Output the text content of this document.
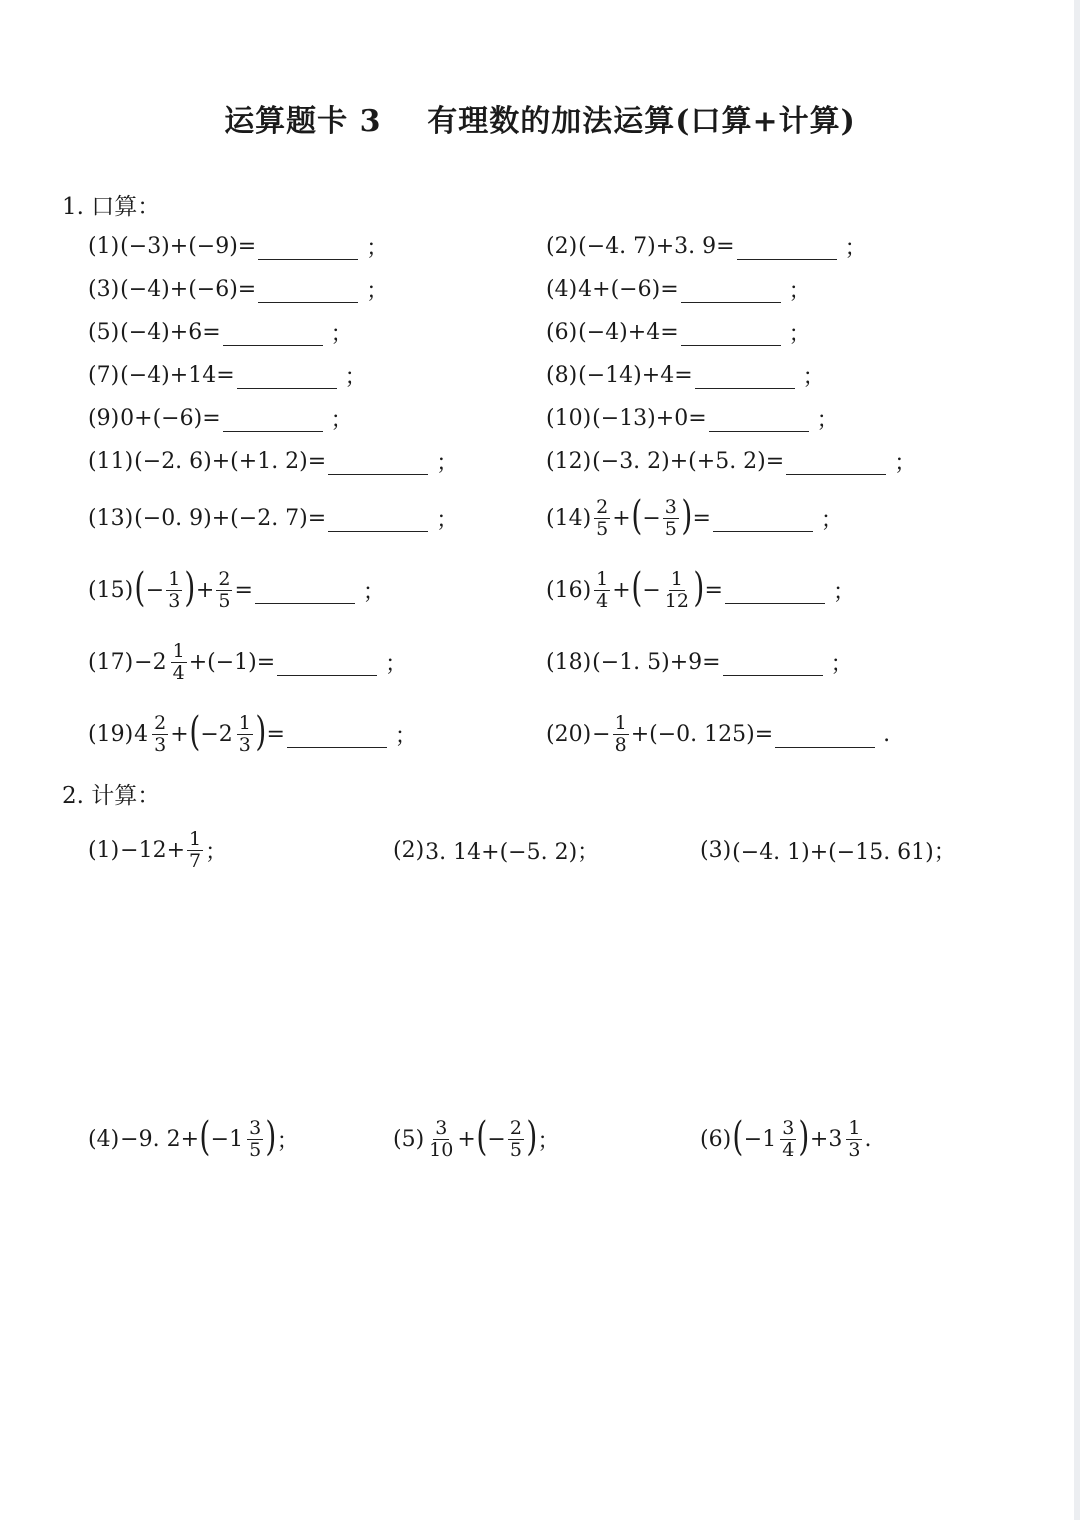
运算题卡 3    有理数的加法运算(口算+计算)
1. 口算：
(1) (−3)+(−9)=	；	(2) (−4. 7)+3. 9=	；
(3) (−4)+(−6)=	；	(4) 4+(−6)=	；
(5) (−4)+6=	；	(6) (−4)+4=	；
(7) (−4)+14=	；	(8) (−14)+4=	；
(9) 0+(−6)=	；	(10) (−13)+0=	；
(11) (−2. 6)+(+1. 2)=	；	(12) (−3. 2)+(+5. 2)=	；
(13) (−0. 9)+(−2. 7)=	；	$(14) \frac{2}{5}$ + ( − $\frac{3}{5}$ ) =	；
(15) ( − $\frac{1}{3}$ ) + $\frac{2}{5}$ =	；	$(16) \frac{1}{4}$ + ( − $\frac{1}{12}$ ) =	；
$(17) -2 \frac{1}{4} +(-1)=$	；	(18) (−1. 5)+9=	；
(19) $4 \frac{2}{3}$ + ( $-2 \frac{1}{3}$ ) =	；	$(20) - \frac{1}{8} +(-0$. 125)=	.
2. 计算：
$(1) -12+ \frac{1}{7}$ ；	(2) 3. 14+(−5. 2)；	(3) (−4. 1)+(−15. 61)；
(4) −9. 2+ ( $-1 \frac{3}{5}$ ) ；	$(5) \frac{3}{10}$ + ( − $\frac{2}{5}$ ) ；	(6) ( $-1 \frac{3}{4}$ ) $+3 \frac{1}{3}$ .
